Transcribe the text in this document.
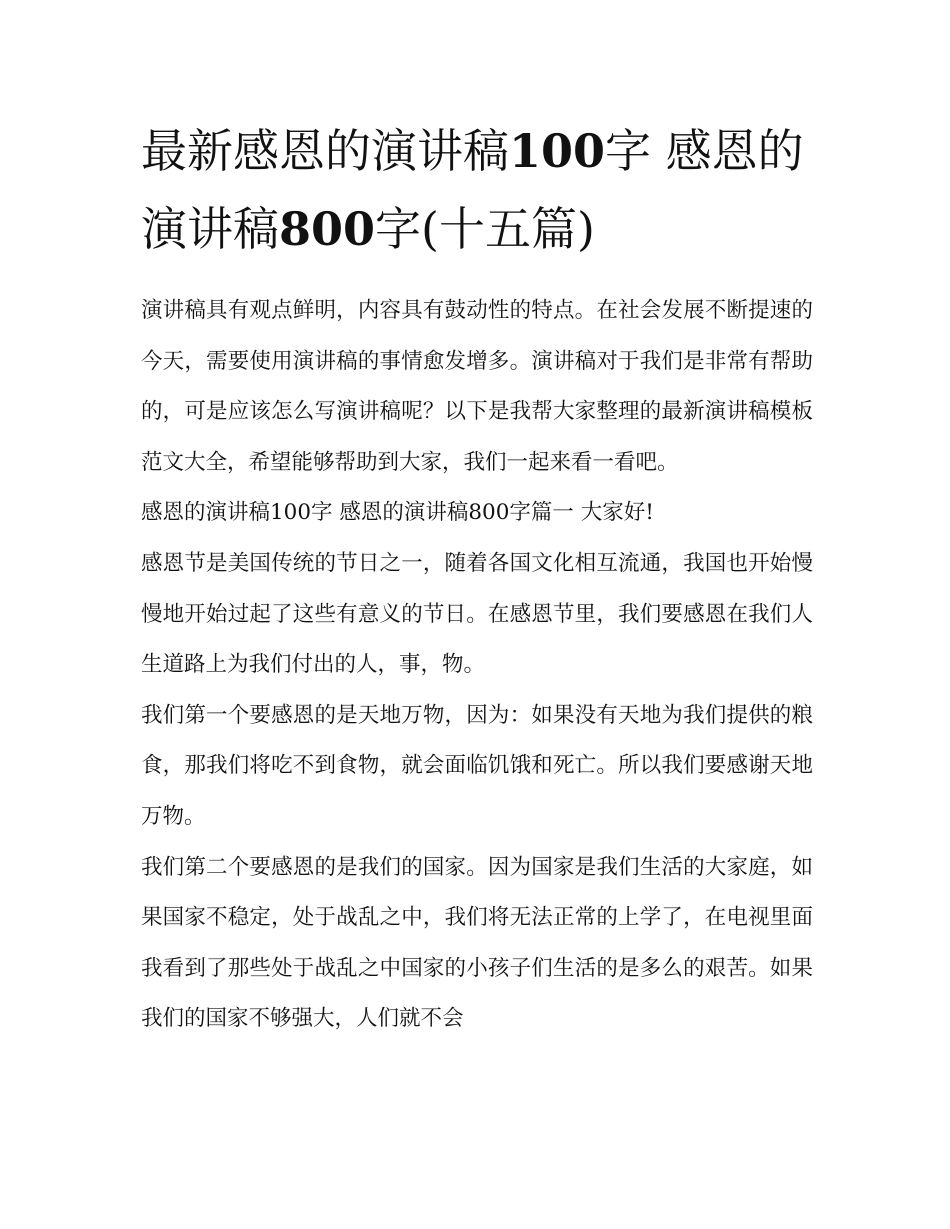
最新感恩的演讲稿100字 感恩的演讲稿800字(十五篇)

演讲稿具有观点鲜明，内容具有鼓动性的特点。在社会发展不断提速的今天，需要使用演讲稿的事情愈发增多。演讲稿对于我们是非常有帮助的，可是应该怎么写演讲稿呢？以下是我帮大家整理的最新演讲稿模板范文大全，希望能够帮助到大家，我们一起来看一看吧。

感恩的演讲稿100字 感恩的演讲稿800字篇一 大家好!

感恩节是美国传统的节日之一，随着各国文化相互流通，我国也开始慢慢地开始过起了这些有意义的节日。在感恩节里，我们要感恩在我们人生道路上为我们付出的人，事，物。

我们第一个要感恩的是天地万物，因为：如果没有天地为我们提供的粮食，那我们将吃不到食物，就会面临饥饿和死亡。所以我们要感谢天地万物。

我们第二个要感恩的是我们的国家。因为国家是我们生活的大家庭，如果国家不稳定，处于战乱之中，我们将无法正常的上学了，在电视里面我看到了那些处于战乱之中国家的小孩子们生活的是多么的艰苦。如果我们的国家不够强大，人们就不会
